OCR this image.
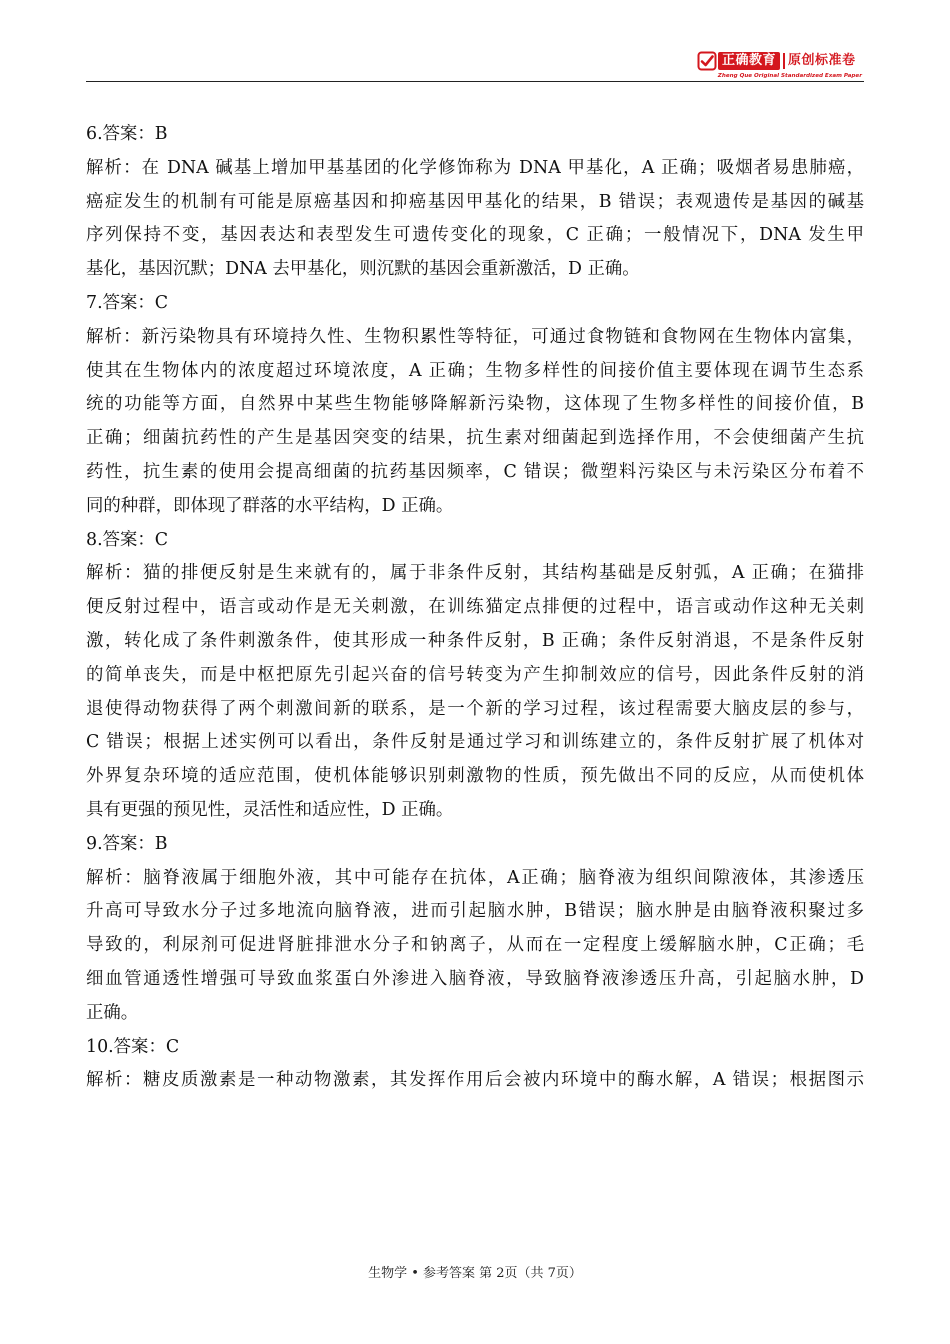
正确教育 原创标准卷
Zheng Que Original Standardized Exam Paper
6.答案：B
解析：在 DNA 碱基上增加甲基基团的化学修饰称为 DNA 甲基化，A 正确；吸烟者易患肺癌，
癌症发生的机制有可能是原癌基因和抑癌基因甲基化的结果，B 错误；表观遗传是基因的碱基
序列保持不变，基因表达和表型发生可遗传变化的现象，C 正确；一般情况下，DNA 发生甲
基化，基因沉默；DNA 去甲基化，则沉默的基因会重新激活，D 正确。
7.答案：C
解析：新污染物具有环境持久性、生物积累性等特征，可通过食物链和食物网在生物体内富集，
使其在生物体内的浓度超过环境浓度，A 正确；生物多样性的间接价值主要体现在调节生态系
统的功能等方面，自然界中某些生物能够降解新污染物，这体现了生物多样性的间接价值，B
正确；细菌抗药性的产生是基因突变的结果，抗生素对细菌起到选择作用，不会使细菌产生抗
药性，抗生素的使用会提高细菌的抗药基因频率，C 错误；微塑料污染区与未污染区分布着不
同的种群，即体现了群落的水平结构，D 正确。
8.答案：C
解析：猫的排便反射是生来就有的，属于非条件反射，其结构基础是反射弧，A 正确；在猫排
便反射过程中，语言或动作是无关刺激，在训练猫定点排便的过程中，语言或动作这种无关刺
激，转化成了条件刺激条件，使其形成一种条件反射，B 正确；条件反射消退，不是条件反射
的简单丧失，而是中枢把原先引起兴奋的信号转变为产生抑制效应的信号，因此条件反射的消
退使得动物获得了两个刺激间新的联系，是一个新的学习过程，该过程需要大脑皮层的参与，
C 错误；根据上述实例可以看出，条件反射是通过学习和训练建立的，条件反射扩展了机体对
外界复杂环境的适应范围，使机体能够识别刺激物的性质，预先做出不同的反应，从而使机体
具有更强的预见性，灵活性和适应性，D 正确。
9.答案：B
解析：脑脊液属于细胞外液，其中可能存在抗体，A正确；脑脊液为组织间隙液体，其渗透压
升高可导致水分子过多地流向脑脊液，进而引起脑水肿，B错误；脑水肿是由脑脊液积聚过多
导致的，利尿剂可促进肾脏排泄水分子和钠离子，从而在一定程度上缓解脑水肿，C正确；毛
细血管通透性增强可导致血浆蛋白外渗进入脑脊液，导致脑脊液渗透压升高，引起脑水肿，D
正确。
10.答案：C
解析：糖皮质激素是一种动物激素，其发挥作用后会被内环境中的酶水解，A 错误；根据图示
生物学 • 参考答案 第 2页（共 7页）
